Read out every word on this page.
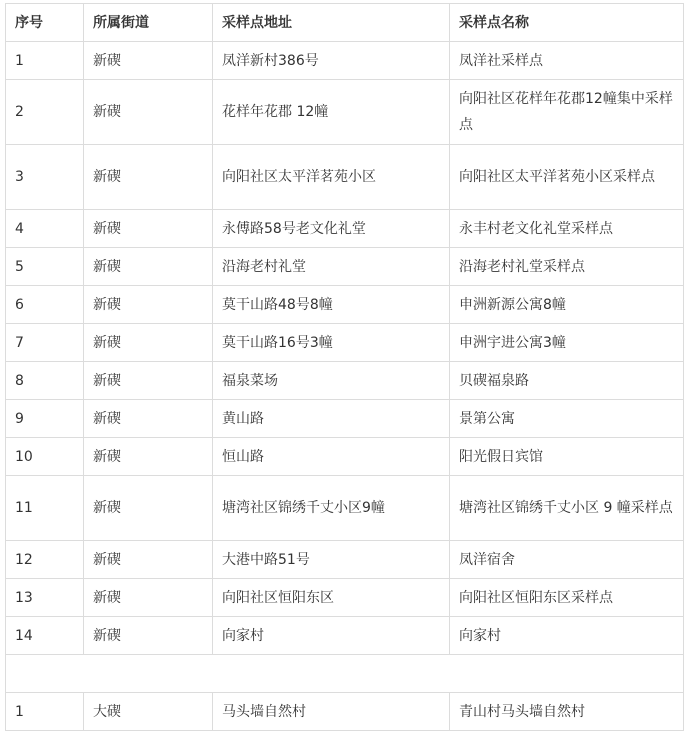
序号	所属街道	采样点地址	采样点名称
1	新碶	凤洋新村386号	凤洋社采样点
2	新碶	花样年花郡 12幢	向阳社区花样年花郡12幢集中采样点
3	新碶	向阳社区太平洋茗苑小区	向阳社区太平洋茗苑小区采样点
4	新碶	永傅路58号老文化礼堂	永丰村老文化礼堂采样点
5	新碶	沿海老村礼堂	沿海老村礼堂采样点
6	新碶	莫干山路48号8幢	申洲新源公寓8幢
7	新碶	莫干山路16号3幢	申洲宇进公寓3幢
8	新碶	福泉菜场	贝碶福泉路
9	新碶	黄山路	景第公寓
10	新碶	恒山路	阳光假日宾馆
11	新碶	塘湾社区锦绣千丈小区9幢	塘湾社区锦绣千丈小区 9 幢采样点
12	新碶	大港中路51号	凤洋宿舍
13	新碶	向阳社区恒阳东区	向阳社区恒阳东区采样点
14	新碶	向家村	向家村

1	大碶	马头墙自然村	青山村马头墙自然村
